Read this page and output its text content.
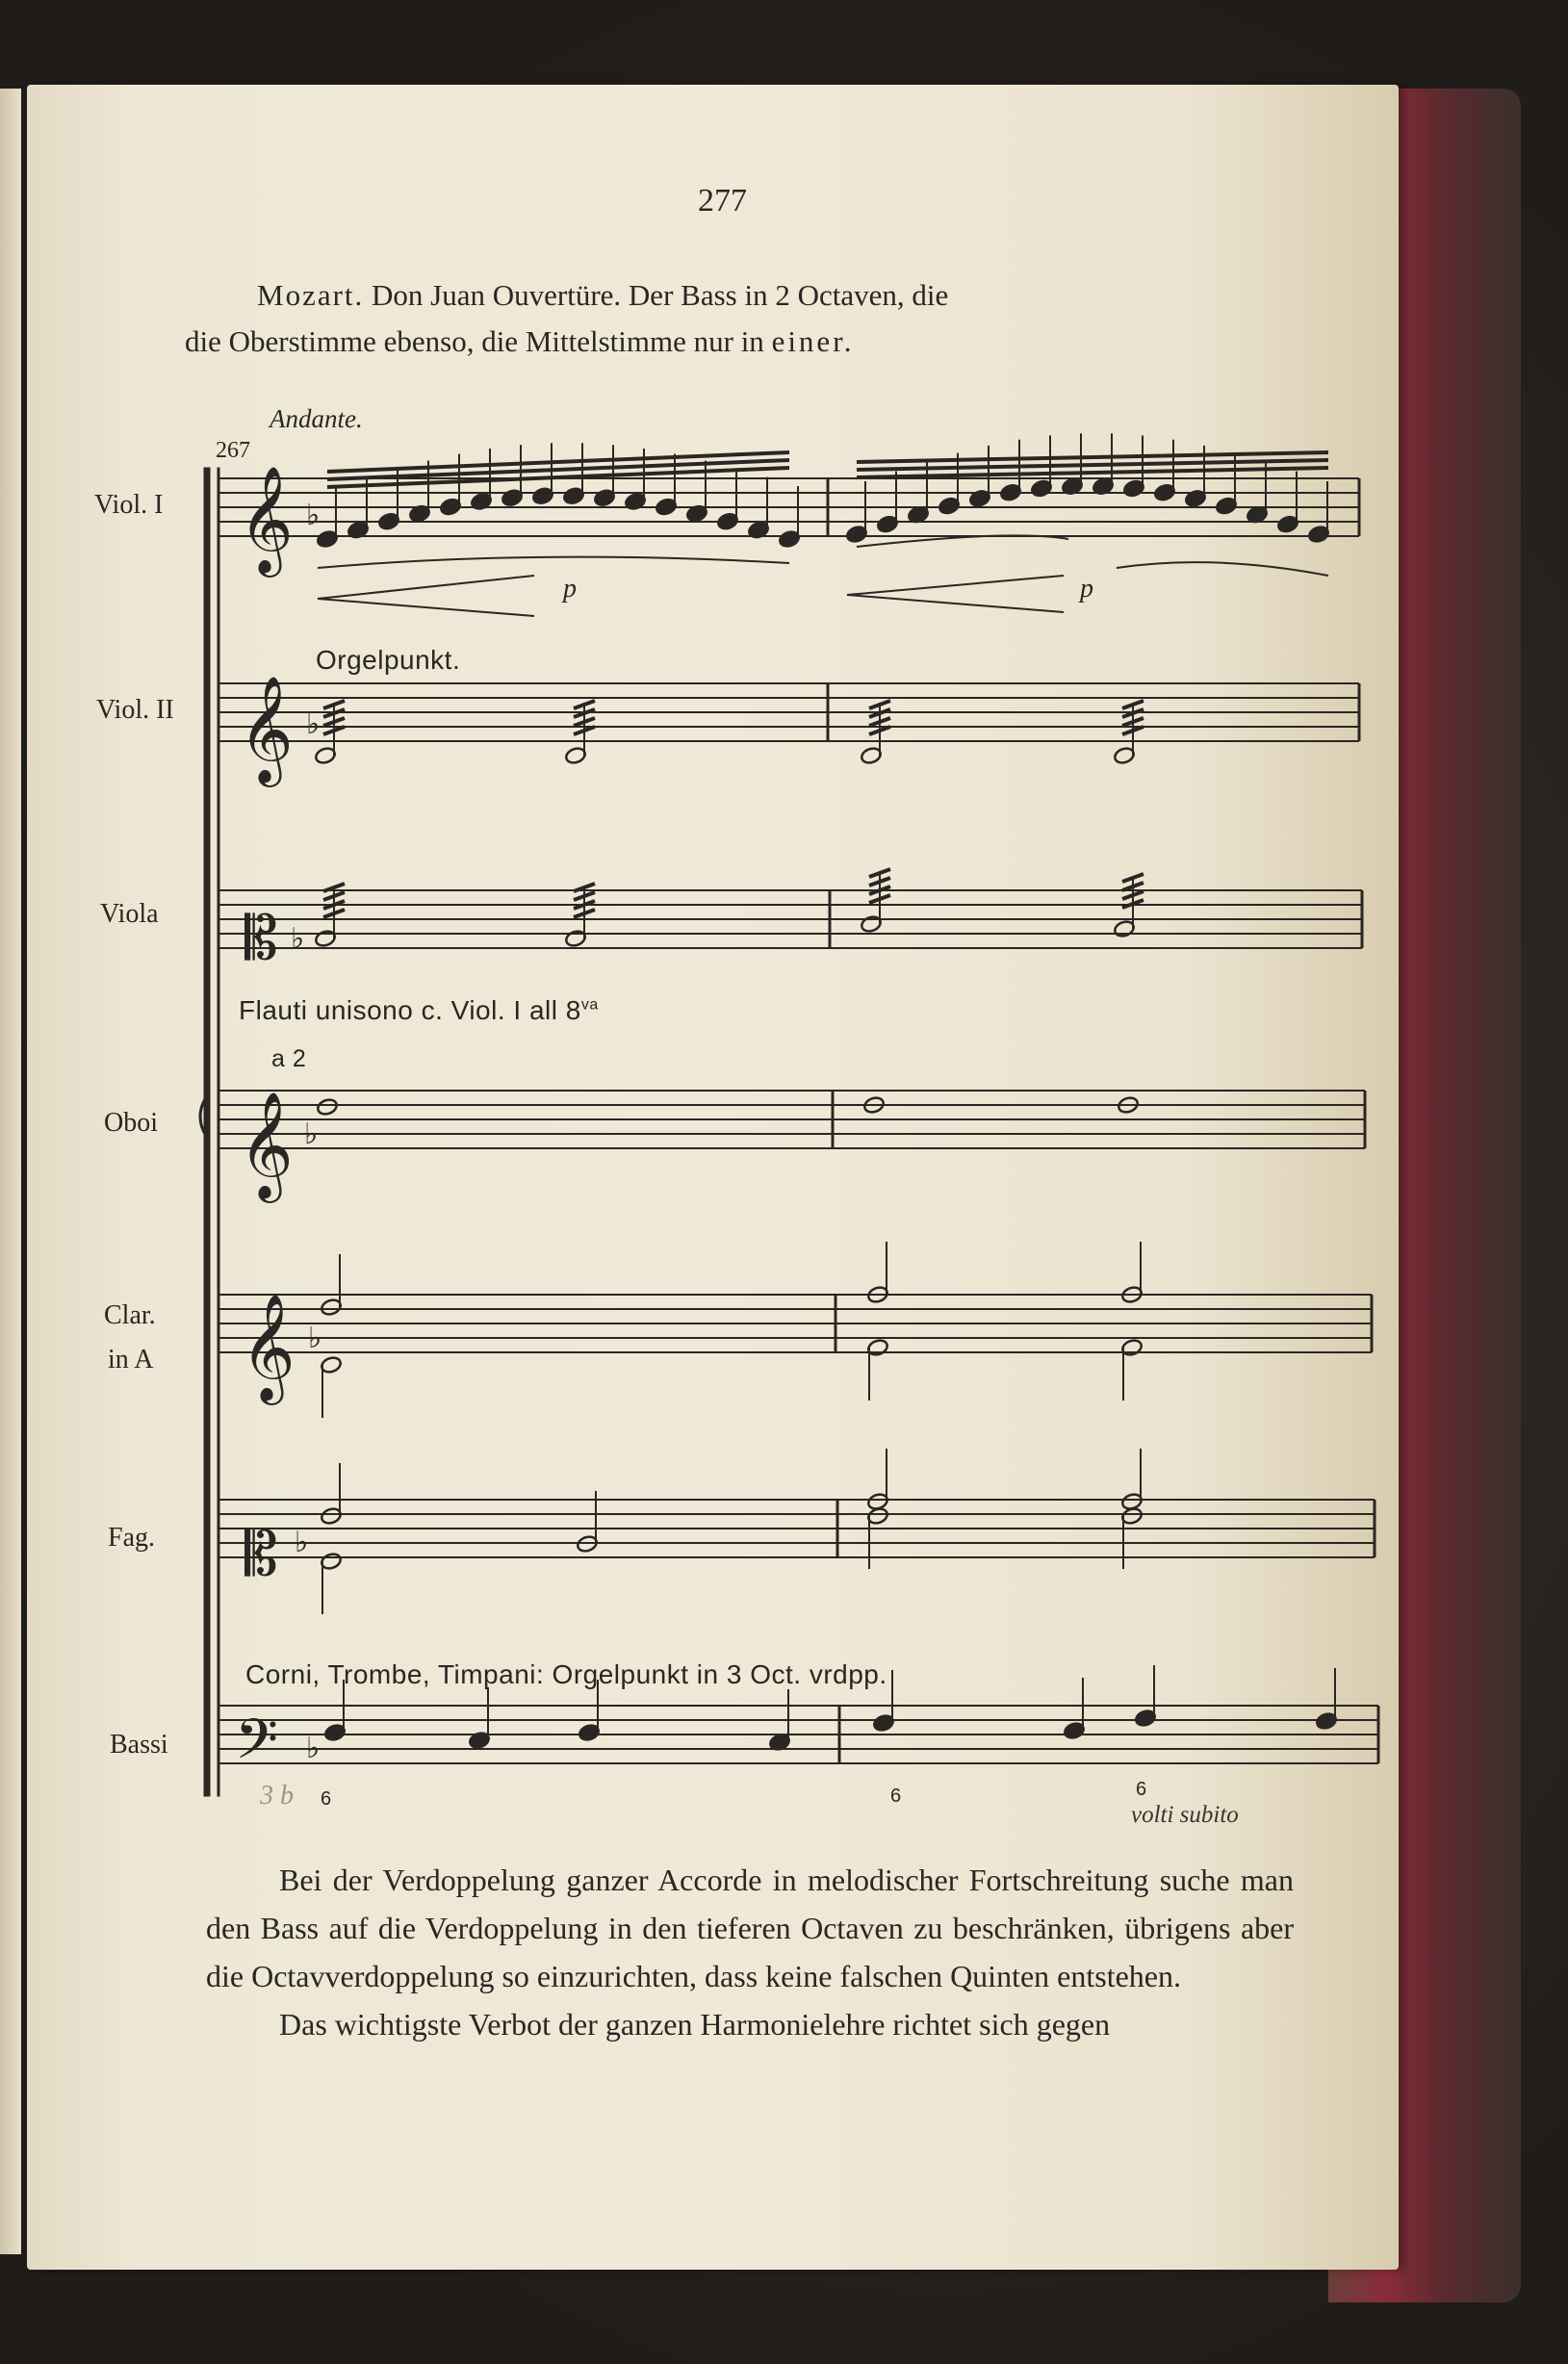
277
Mozart. Don Juan Ouvertüre. Der Bass in 2 Octaven, die
die Oberstimme ebenso, die Mittelstimme nur in einer.
Andante.
267
Viol. I
Viol. II
Viola
Oboi
Clar.
in A
Fag.
Bassi
Orgelpunkt.
Flauti unisono c. Viol. I all $8^{va}$
a 2
Corni, Trombe, Timpani: Orgelpunkt in 3 Oct. vrdpp.
p	p
6	6	6
3 b
volti subito
𝄞
𝄞
𝄡
𝄞
𝄞
𝄡
𝄢
♭
♭
♭
♭
♭
♭
♭

Bei der Verdoppelung ganzer Accorde in melodischer Fortschreitung suche man den Bass auf die Verdoppelung in den tieferen Octaven zu beschränken, übrigens aber die Octavverdoppelung so einzurichten, dass keine falschen Quinten entstehen.

Das wichtigste Verbot der ganzen Harmonielehre richtet sich gegen
